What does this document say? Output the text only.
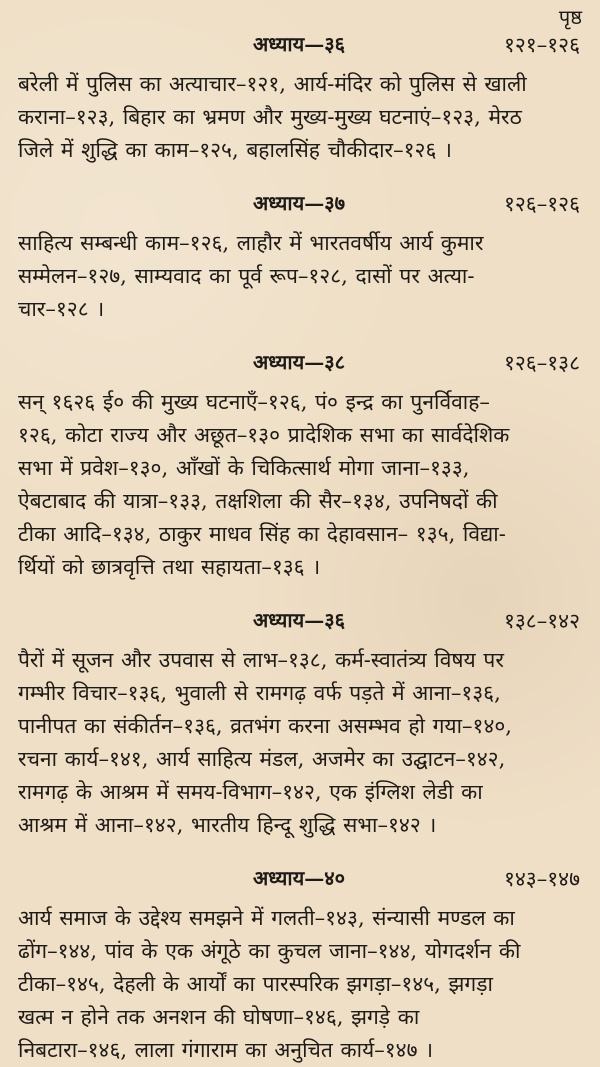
पृष्ठ
अध्याय—३६	१२१–१२६

बरेली में पुलिस का अत्याचार–१२१, आर्य-मंदिर को पुलिस से खाली
कराना–१२३, बिहार का भ्रमण और मुख्य-मुख्य घटनाएं–१२३, मेरठ
जिले में शुद्धि का काम–१२५, बहालसिंह चौकीदार–१२६ ।

अध्याय—३७	१२६–१२६

साहित्य सम्बन्धी काम–१२६, लाहौर में भारतवर्षीय आर्य कुमार
सम्मेलन–१२७, साम्यवाद का पूर्व रूप–१२८, दासों पर अत्या-
चार–१२८ ।

अध्याय—३८	१२६–१३८

सन् १६२६ ई० की मुख्य घटनाएँ–१२६, पं० इन्द्र का पुनर्विवाह–
१२६, कोटा राज्य और अछूत–१३० प्रादेशिक सभा का सार्वदेशिक
सभा में प्रवेश–१३०, आँखों के चिकित्सार्थ मोगा जाना–१३३,
ऐबटाबाद की यात्रा–१३३, तक्षशिला की सैर–१३४, उपनिषदों की
टीका आदि–१३४, ठाकुर माधव सिंह का देहावसान– १३५, विद्या-
र्थियों को छात्रवृत्ति तथा सहायता–१३६ ।

अध्याय—३६	१३८–१४२

पैरों में सूजन और उपवास से लाभ–१३८, कर्म-स्वातंत्र्य विषय पर
गम्भीर विचार–१३६, भुवाली से रामगढ़ वर्फ पड़ते में आना–१३६,
पानीपत का संकीर्तन–१३६, व्रतभंग करना असम्भव हो गया–१४०,
रचना कार्य–१४१, आर्य साहित्य मंडल, अजमेर का उद्घाटन–१४२,
रामगढ़ के आश्रम में समय-विभाग–१४२, एक इंग्लिश लेडी का
आश्रम में आना–१४२, भारतीय हिन्दू शुद्धि सभा–१४२ ।

अध्याय—४०	१४३–१४७

आर्य समाज के उद्देश्य समझने में गलती–१४३, संन्यासी मण्डल का
ढोंग–१४४, पांव के एक अंगूठे का कुचल जाना–१४४, योगदर्शन की
टीका–१४५, देहली के आर्यों का पारस्परिक झगड़ा–१४५, झगड़ा
खत्म न होने तक अनशन की घोषणा–१४६, झगड़े का
निबटारा–१४६, लाला गंगाराम का अनुचित कार्य–१४७ ।
